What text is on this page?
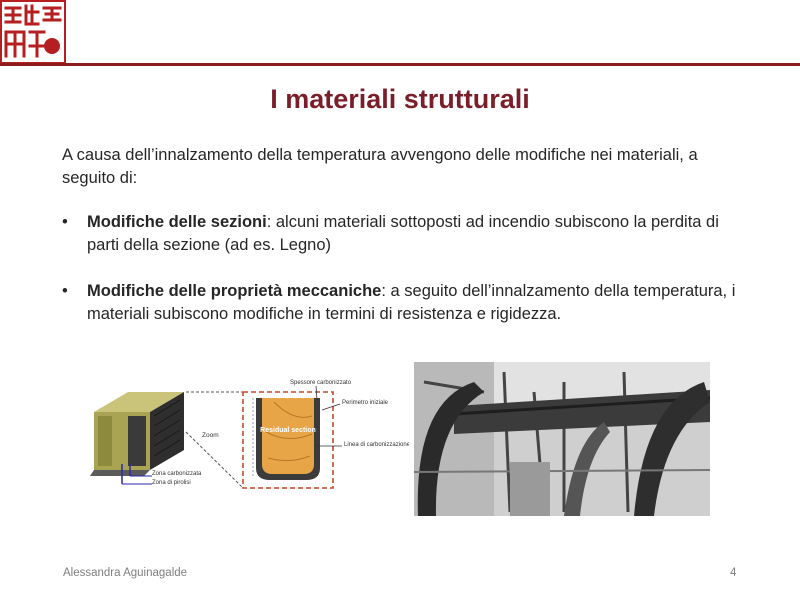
I materiali strutturali

A causa dell’innalzamento della temperatura avvengono delle modifiche nei materiali, a seguito di:

• Modifiche delle sezioni: alcuni materiali sottoposti ad incendio subiscono la perdita di parti della sezione (ad es. Legno)
• Modifiche delle proprietà meccaniche: a seguito dell’innalzamento della temperatura, i materiali subiscono modifiche in termini di resistenza e rigidezza.
Zona carbonizzata
Zona di pirolisi
Zoom
Residual section
Spessore carbonizzato
Perimetro iniziale
Linea di carbonizzazione
Alessandra Aguinagalde	4
